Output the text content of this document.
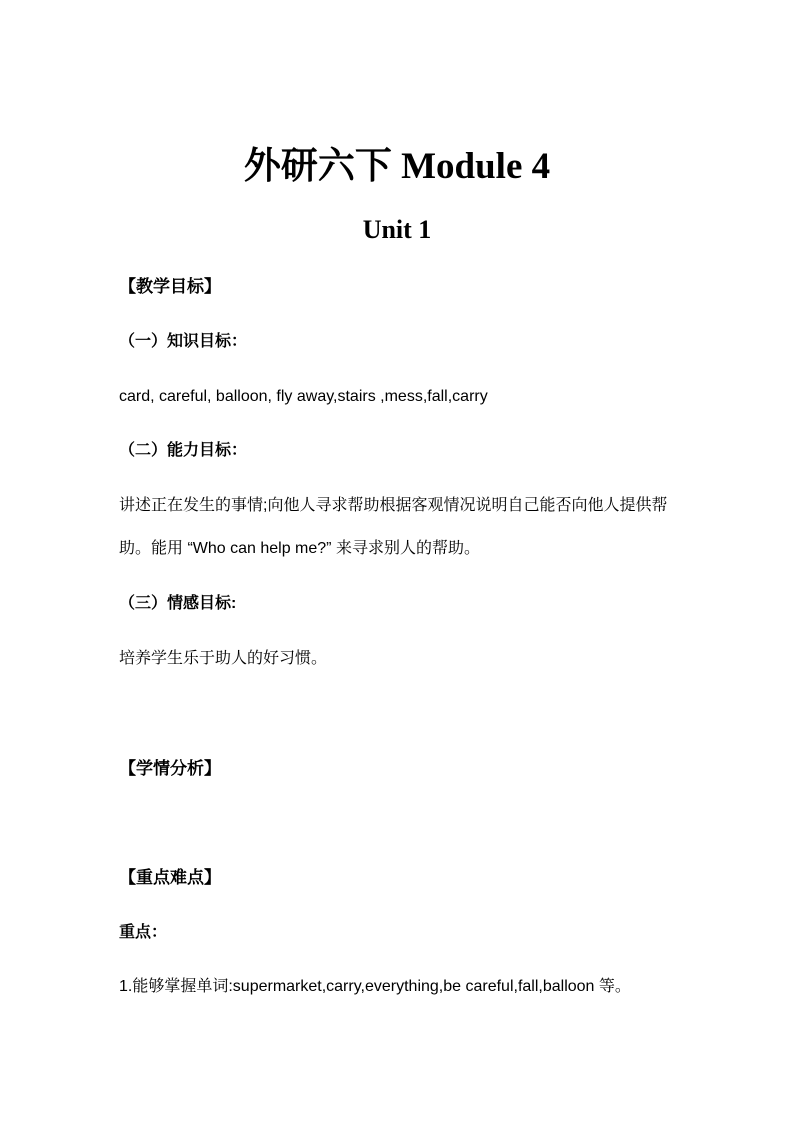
外研六下 Module 4
Unit 1
【教学目标】
（一）知识目标：
card, careful, balloon, fly away,stairs ,mess,fall,carry
（二）能力目标：
讲述正在发生的事情;向他人寻求帮助根据客观情况说明自己能否向他人提供帮
助。能用 “Who can help me?” 来寻求别人的帮助。
（三）情感目标:
培养学生乐于助人的好习惯。
【学情分析】
【重点难点】
重点：
1.能够掌握单词:supermarket,carry,everything,be careful,fall,balloon 等。
